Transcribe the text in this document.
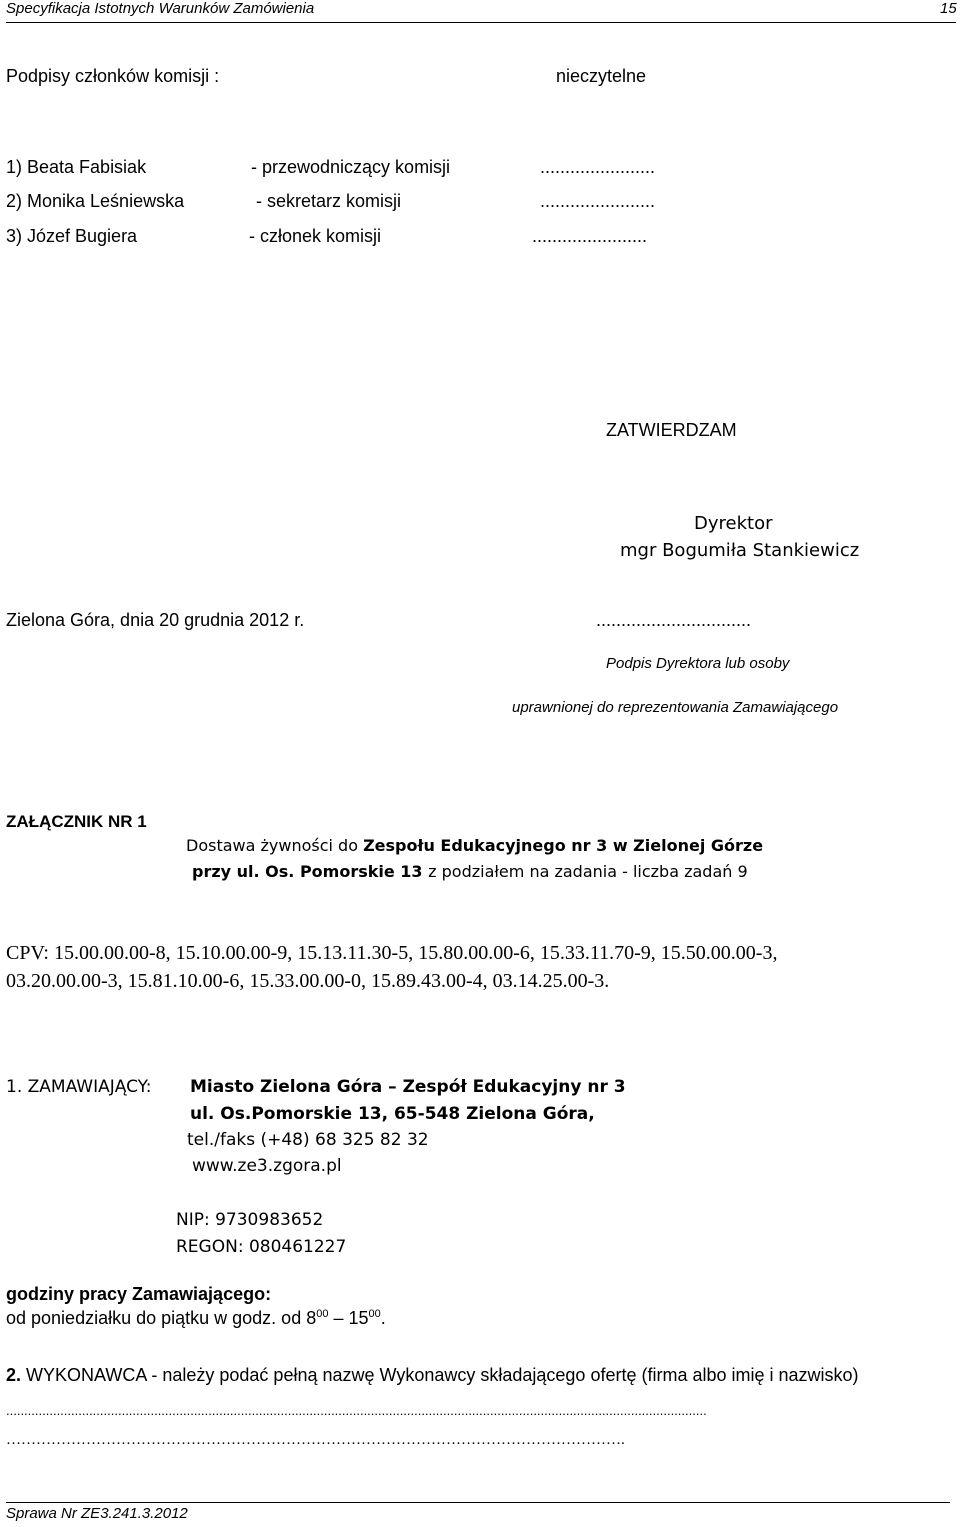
Specyfikacja Istotnych Warunków Zamówienia	15
Podpisy członków komisji :	nieczytelne
1) Beata Fabisiak	- przewodniczący komisji	.......................
2) Monika Leśniewska	- sekretarz komisji	.......................
3) Józef Bugiera	- członek komisji	.......................
ZATWIERDZAM
Dyrektor
mgr Bogumiła Stankiewicz
Zielona Góra, dnia 20 grudnia 2012 r.	...............................
Podpis Dyrektora lub osoby
uprawnionej do reprezentowania Zamawiającego
ZAŁĄCZNIK NR 1
Dostawa żywności do Zespołu Edukacyjnego nr 3 w Zielonej Górze
przy ul. Os. Pomorskie 13 z podziałem na zadania - liczba zadań 9
CPV: 15.00.00.00-8, 15.10.00.00-9, 15.13.11.30-5, 15.80.00.00-6, 15.33.11.70-9, 15.50.00.00-3,
03.20.00.00-3, 15.81.10.00-6, 15.33.00.00-0, 15.89.43.00-4, 03.14.25.00-3.
1. ZAMAWIAJĄCY: Miasto Zielona Góra – Zespół Edukacyjny nr 3
ul. Os.Pomorskie 13, 65-548 Zielona Góra,
tel./faks (+48) 68 325 82 32
www.ze3.zgora.pl
NIP: 9730983652
REGON: 080461227
godziny pracy Zamawiającego:
od poniedziałku do piątku w godz. od $8^{00} - 15^{00}$.
2. WYKONAWCA - należy podać pełną nazwę Wykonawcy składającego ofertę (firma albo imię i nazwisko)
..................................................................................................................................................................................................
…………………………………………………………………………………………………………….
Sprawa Nr ZE3.241.3.2012
